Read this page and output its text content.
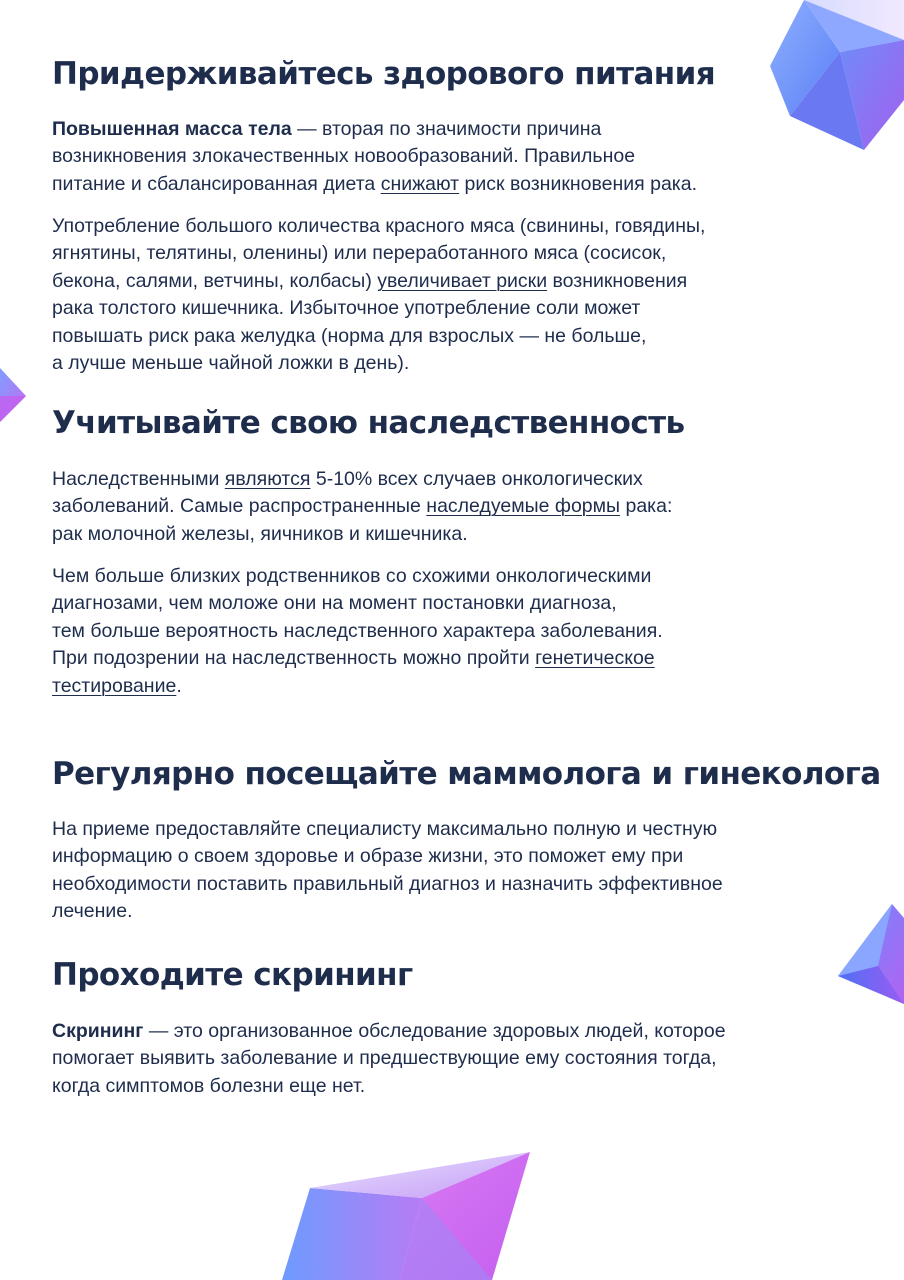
Придерживайтесь здорового питания

Повышенная масса тела — вторая по значимости причина
возникновения злокачественных новообразований. Правильное
питание и сбалансированная диета снижают риск возникновения рака.

Употребление большого количества красного мяса (свинины, говядины,
ягнятины, телятины, оленины) или переработанного мяса (сосисок,
бекона, салями, ветчины, колбасы) увеличивает риски возникновения
рака толстого кишечника. Избыточное употребление соли может
повышать риск рака желудка (норма для взрослых — не больше,
а лучше меньше чайной ложки в день).

Учитывайте свою наследственность

Наследственными являются 5-10% всех случаев онкологических
заболеваний. Самые распространенные наследуемые формы рака:
рак молочной железы, яичников и кишечника.

Чем больше близких родственников со схожими онкологическими
диагнозами, чем моложе они на момент постановки диагноза,
тем больше вероятность наследственного характера заболевания.
При подозрении на наследственность можно пройти генетическое
тестирование.

Регулярно посещайте маммолога и гинеколога

На приеме предоставляйте специалисту максимально полную и честную
информацию о своем здоровье и образе жизни, это поможет ему при
необходимости поставить правильный диагноз и назначить эффективное
лечение.

Проходите скрининг

Скрининг — это организованное обследование здоровых людей, которое
помогает выявить заболевание и предшествующие ему состояния тогда,
когда симптомов болезни еще нет.
